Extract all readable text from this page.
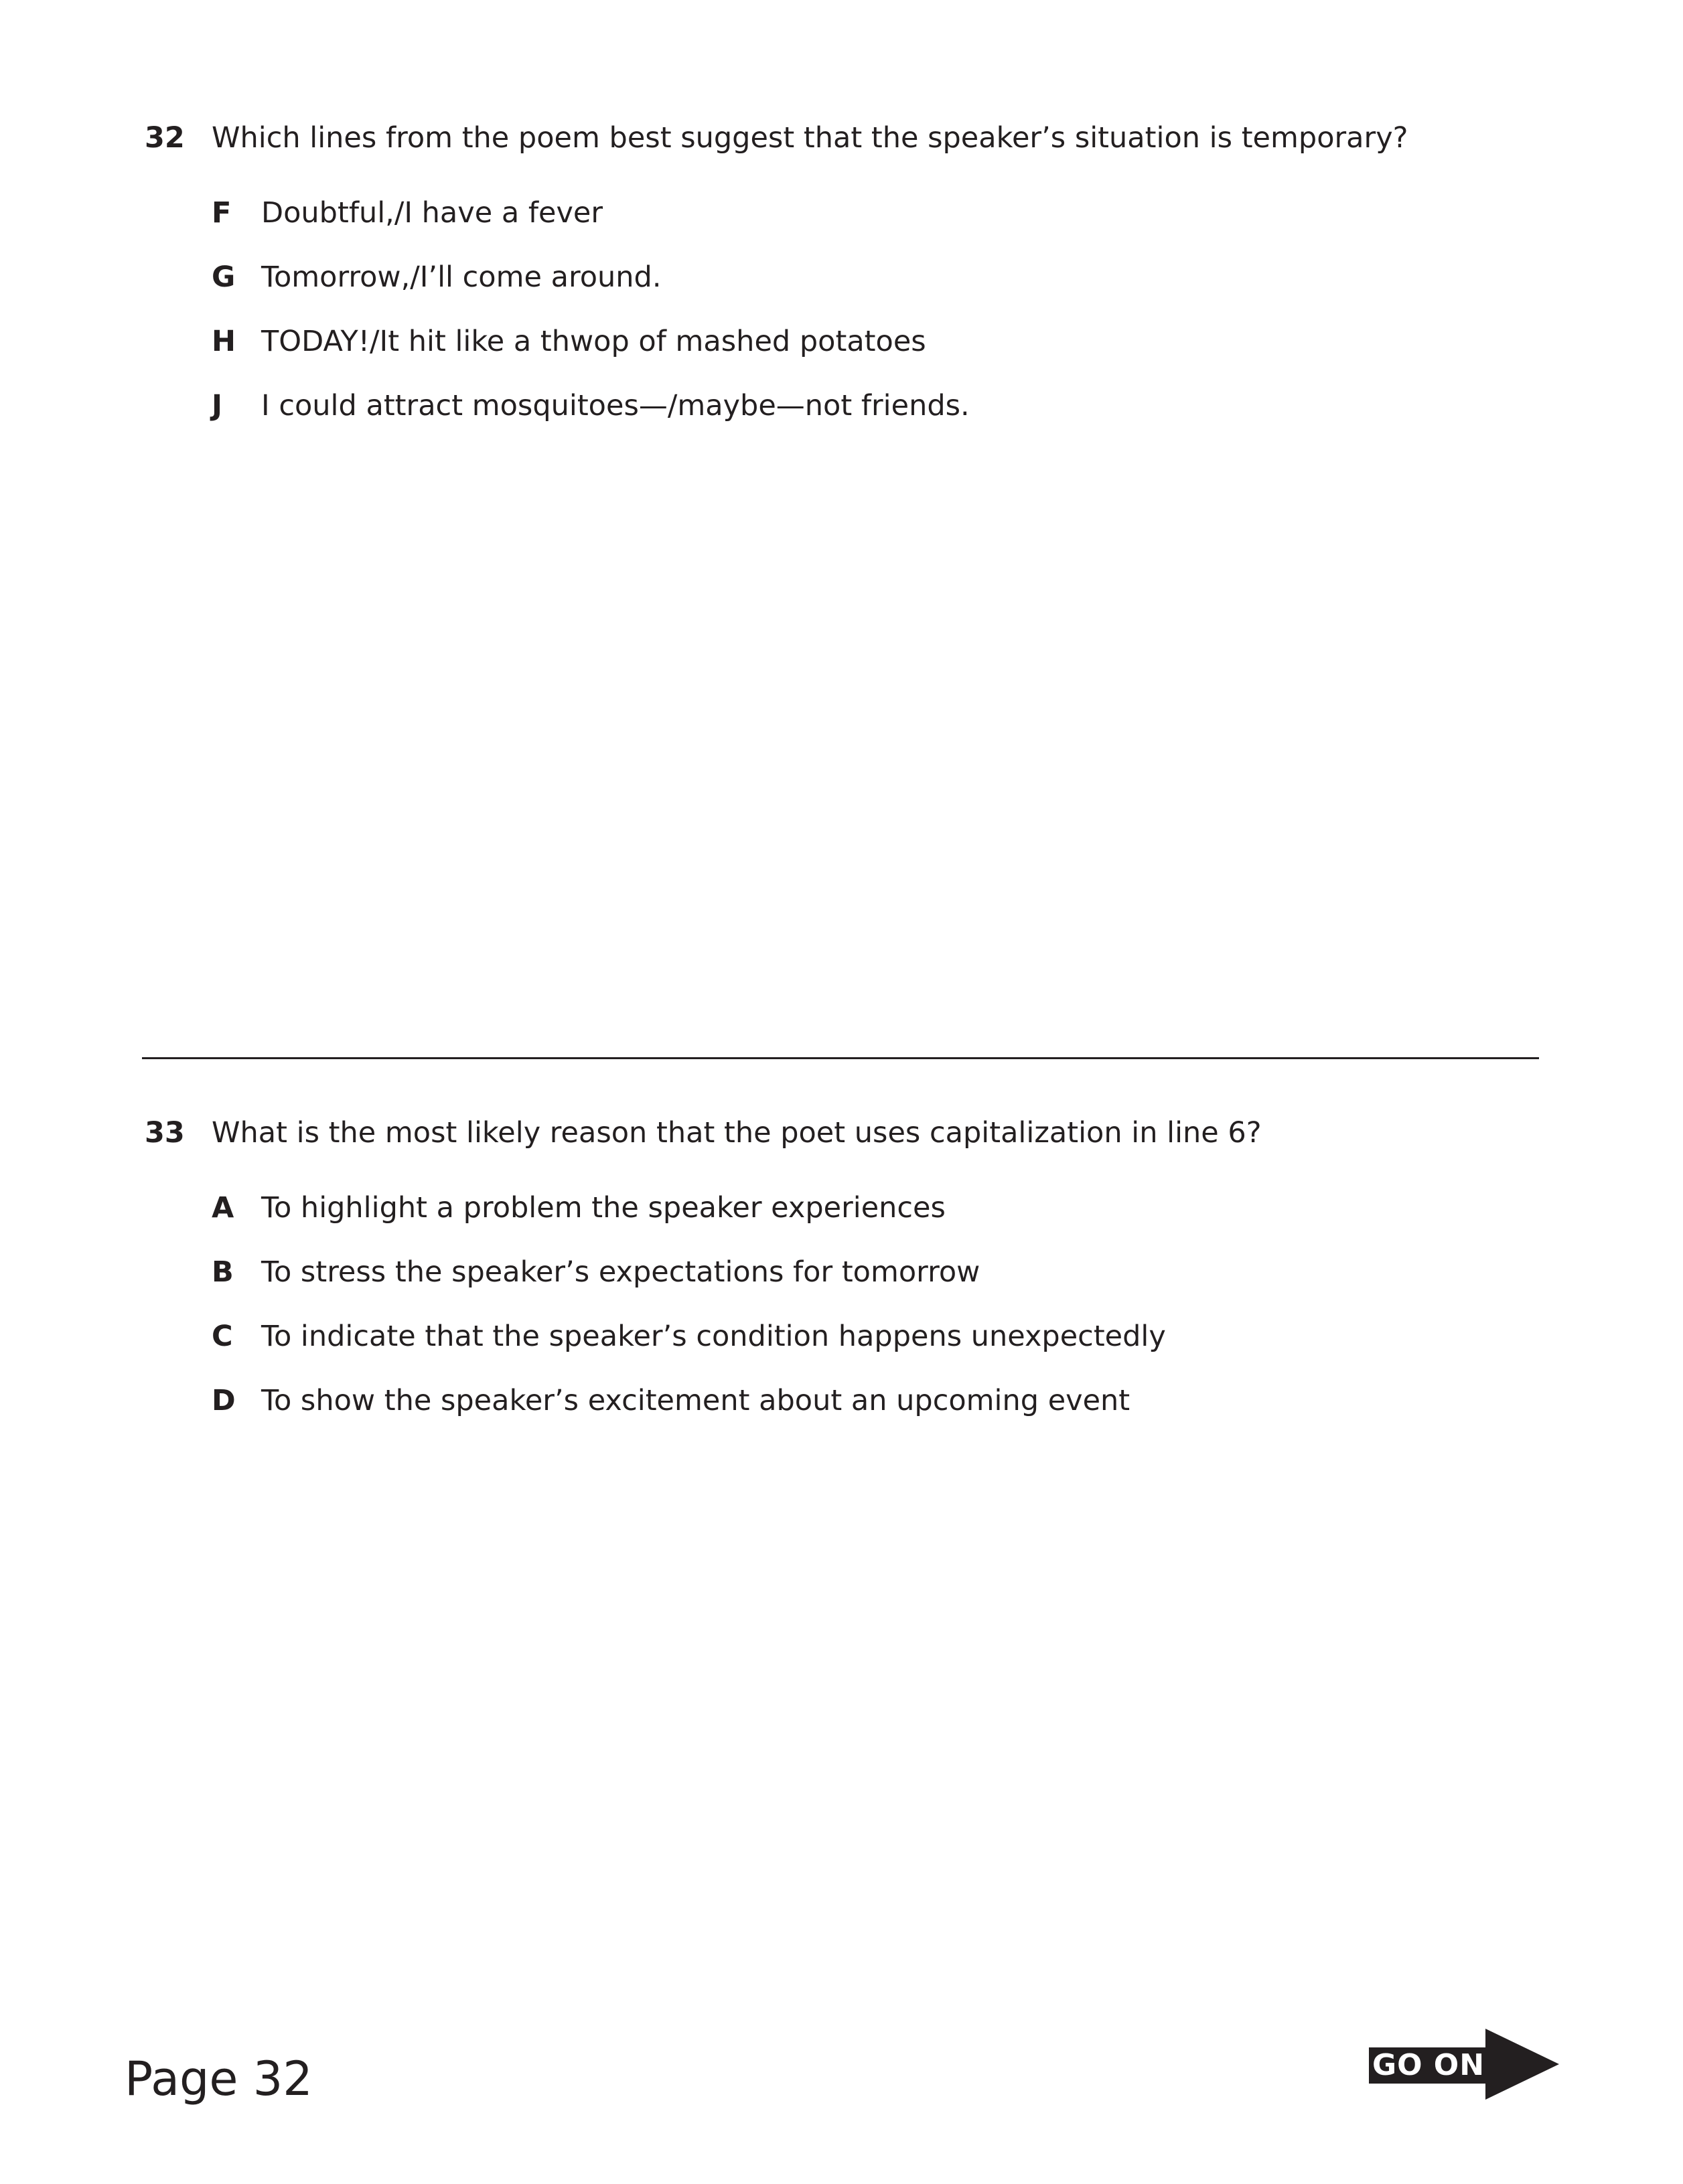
32 Which lines from the poem best suggest that the speaker’s situation is temporary?
F Doubtful,/I have a fever
G Tomorrow,/I’ll come around.
H TODAY!/It hit like a thwop of mashed potatoes
J I could attract mosquitoes—/maybe—not friends.
33 What is the most likely reason that the poet uses capitalization in line 6?
A To highlight a problem the speaker experiences
B To stress the speaker’s expectations for tomorrow
C To indicate that the speaker’s condition happens unexpectedly
D To show the speaker’s excitement about an upcoming event
Page 32	GO ON
